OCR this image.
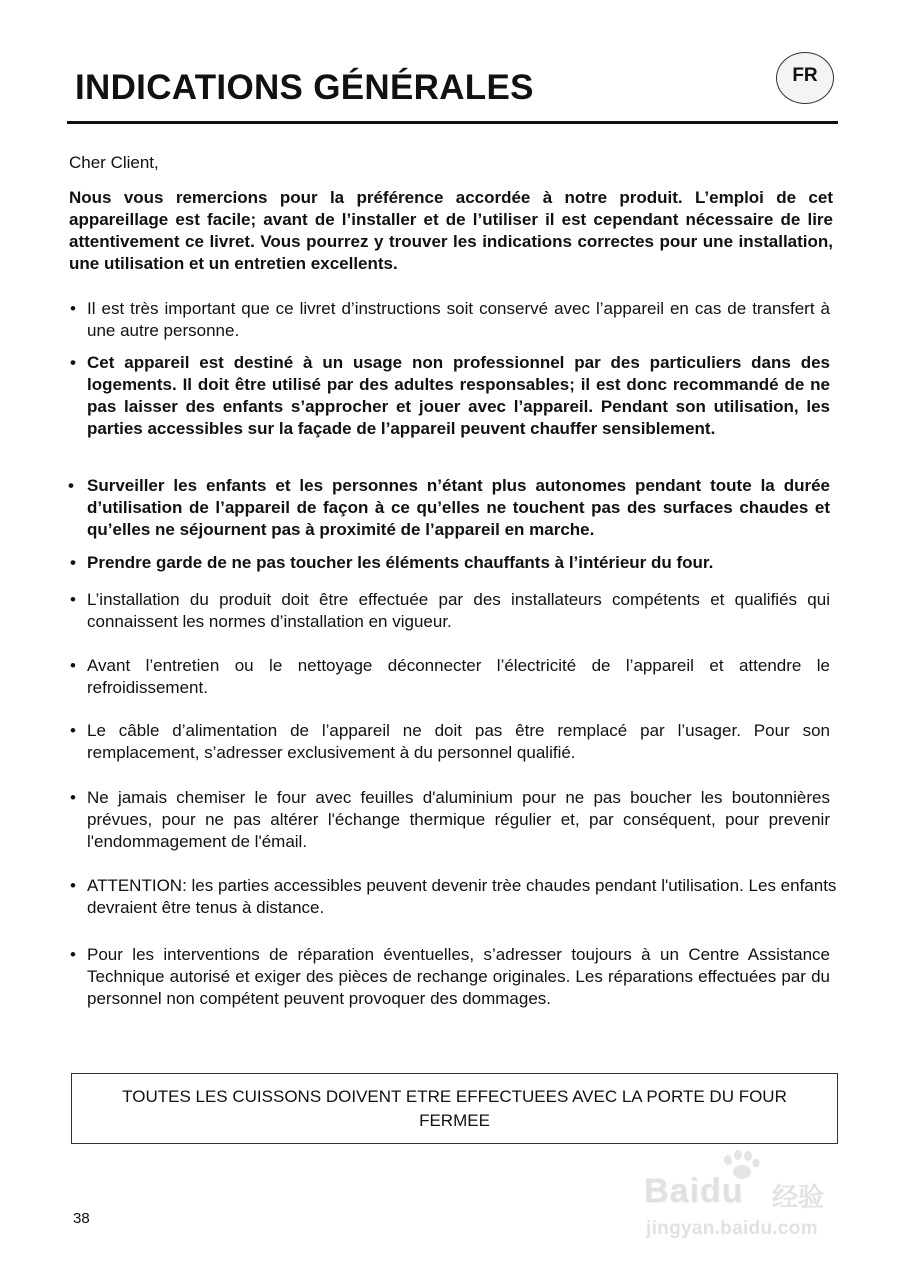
INDICATIONS GÉNÉRALES	FR

Cher Client,

Nous vous remercions pour la préférence accordée à notre produit. L’emploi de cet appareillage est facile; avant de l’installer et de l’utiliser il est cependant nécessaire de lire attentivement ce livret. Vous pourrez y trouver les indications correctes pour une installation, une utilisation et un entretien excellents.

• Il est très important que ce livret d’instructions soit conservé avec l’appareil en cas de transfert à une autre personne.
• Cet appareil est destiné à un usage non professionnel par des particuliers dans des logements. Il doit être utilisé par des adultes responsables; il est donc recommandé de ne pas laisser des enfants s’approcher et jouer avec l’appareil. Pendant son utilisation, les parties accessibles sur la façade de l’appareil peuvent chauffer sensiblement.
• Surveiller les enfants et les personnes n’étant plus autonomes pendant toute la durée d’utilisation de l’appareil de façon à ce qu’elles ne touchent pas des surfaces chaudes et qu’elles ne séjournent pas à proximité de l’appareil en marche.
• Prendre garde de ne pas toucher les éléments chauffants à l’intérieur du four.
• L’installation du produit doit être effectuée par des installateurs compétents et qualifiés qui connaissent les normes d’installation en vigueur.
• Avant l’entretien ou le nettoyage déconnecter l’électricité de l’appareil et attendre le refroidissement.
• Le câble d’alimentation de l’appareil ne doit pas être remplacé par l’usager. Pour son remplacement, s’adresser exclusivement à du personnel qualifié.
• Ne jamais chemiser le four avec feuilles d'aluminium pour ne pas boucher les boutonnières prévues, pour ne pas altérer l'échange thermique régulier et, par conséquent, pour prevenir l'endommagement de l'émail.
• ATTENTION: les parties accessibles peuvent devenir trèe chaudes pendant l'utilisation. Les enfants devraient être tenus à distance.
• Pour les interventions de réparation éventuelles, s’adresser toujours à un Centre Assistance Technique autorisé et exiger des pièces de rechange originales. Les réparations effectuées par du personnel non compétent peuvent provoquer des dommages.
TOUTES LES CUISSONS DOIVENT ETRE EFFECTUEES AVEC LA PORTE DU FOUR FERMEE
38
Baidu 经验
jingyan.baidu.com
